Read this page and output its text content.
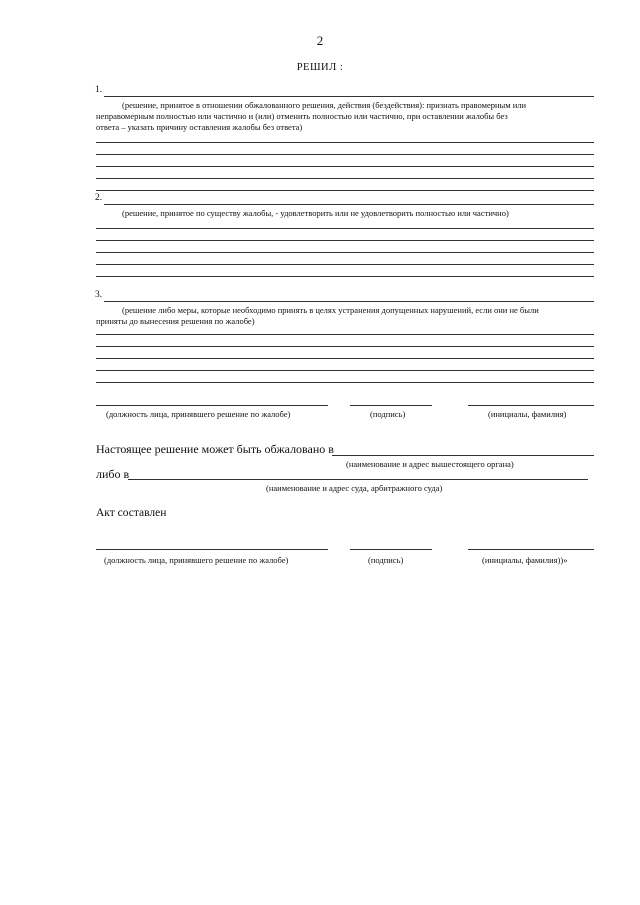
2
РЕШИЛ :
1.
(решение, принятое в отношении обжалованного решения, действия (бездействия): признать правомерным или
неправомерным полностью или частично и (или) отменить полностью или частично, при оставлении жалобы без
ответа – указать причину оставления жалобы без ответа)
2.
(решение, принятое по существу жалобы, - удовлетворить или не удовлетворить полностью или частично)
3.
(решение либо меры, которые необходимо принять в целях устранения допущенных нарушений, если они не были
приняты до вынесения решения по жалобе)
(должность лица, принявшего решение по жалобе)	(подпись)	(инициалы, фамилия)
Настоящее решение может быть обжаловано в
(наименование и адрес вышестоящего органа)
либо в
(наименование и адрес суда, арбитражного суда)
Акт составлен
(должность лица, принявшего решение по жалобе)	(подпись)	(инициалы, фамилия))»
